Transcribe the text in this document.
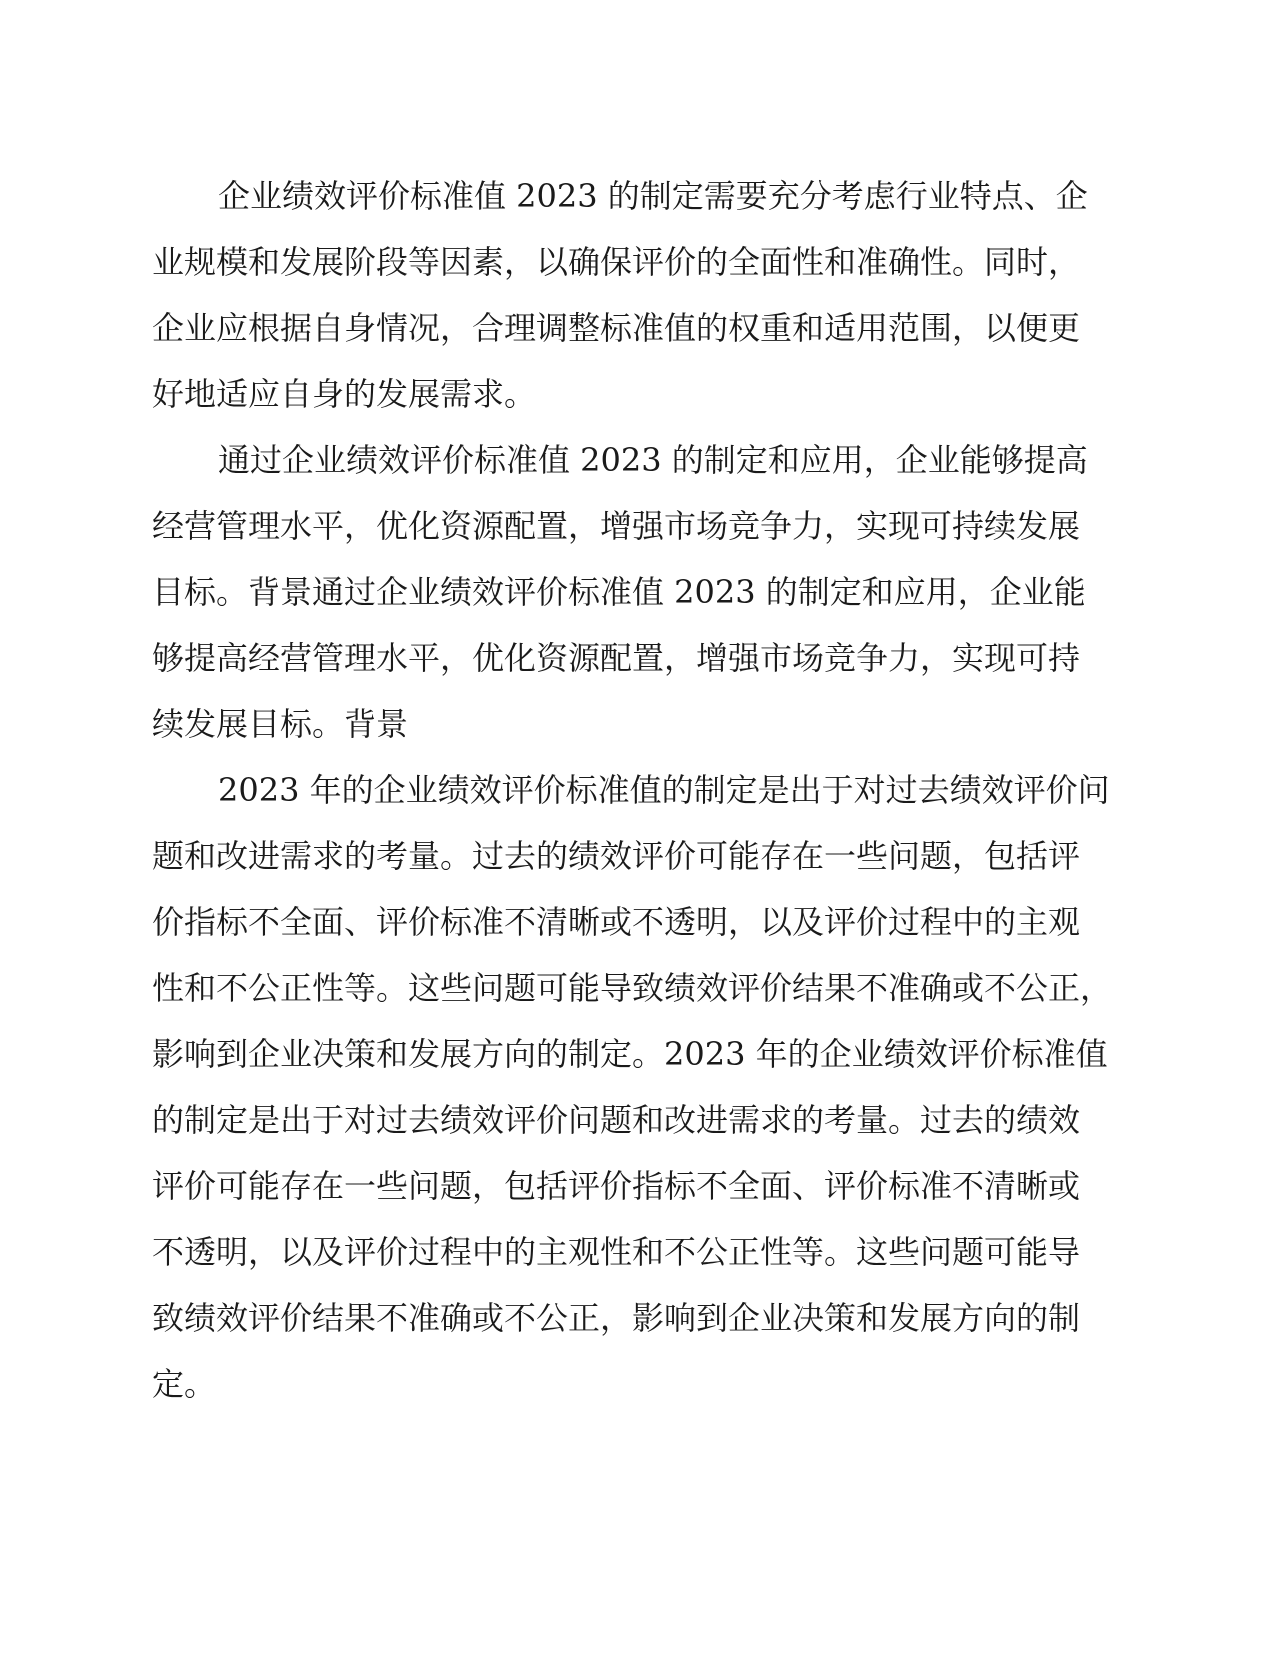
企业绩效评价标准值 2023 的制定需要充分考虑行业特点、企
业规模和发展阶段等因素，以确保评价的全面性和准确性。同时，
企业应根据自身情况，合理调整标准值的权重和适用范围，以便更
好地适应自身的发展需求。
通过企业绩效评价标准值 2023 的制定和应用，企业能够提高
经营管理水平，优化资源配置，增强市场竞争力，实现可持续发展
目标。背景通过企业绩效评价标准值 2023 的制定和应用，企业能
够提高经营管理水平，优化资源配置，增强市场竞争力，实现可持
续发展目标。背景
2023 年的企业绩效评价标准值的制定是出于对过去绩效评价问
题和改进需求的考量。过去的绩效评价可能存在一些问题，包括评
价指标不全面、评价标准不清晰或不透明，以及评价过程中的主观
性和不公正性等。这些问题可能导致绩效评价结果不准确或不公正，
影响到企业决策和发展方向的制定。2023 年的企业绩效评价标准值
的制定是出于对过去绩效评价问题和改进需求的考量。过去的绩效
评价可能存在一些问题，包括评价指标不全面、评价标准不清晰或
不透明，以及评价过程中的主观性和不公正性等。这些问题可能导
致绩效评价结果不准确或不公正，影响到企业决策和发展方向的制
定。
